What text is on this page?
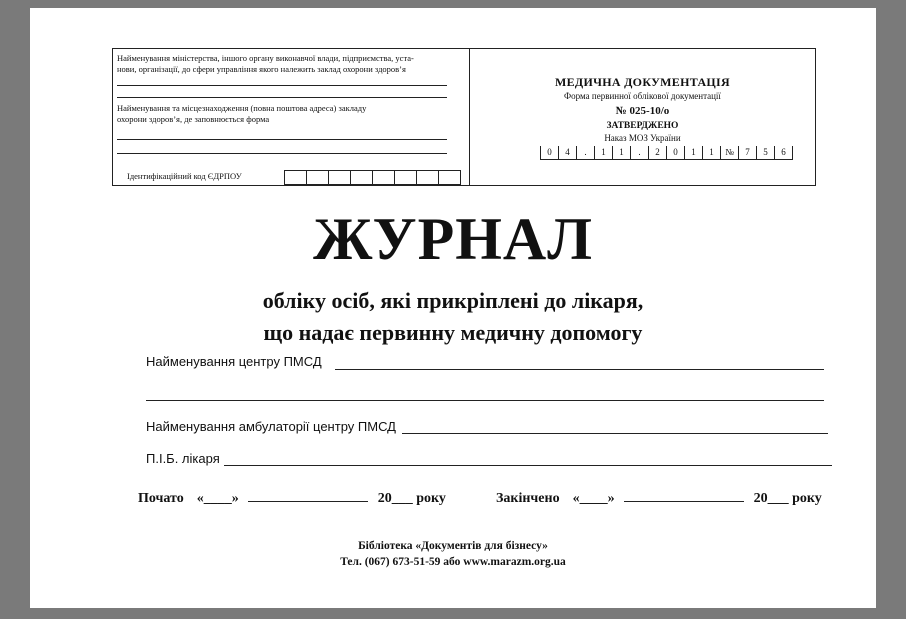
Найменування міністерства, іншого органу виконавчої влади, підприємства, уста-
нови, організації, до сфери управління якого належить заклад охорони здоров’я
Найменування та місцезнаходження (повна поштова адреса) закладу
охорони здоров’я, де заповнюється форма
Ідентифікаційний код ЄДРПОУ
МЕДИЧНА ДОКУМЕНТАЦІЯ
Форма первинної облікової документації
№ 025-10/о
ЗАТВЕРДЖЕНО
Наказ МОЗ України
0	4	.	1	1	.	2	0	1	1	№	7	5	6
ЖУРНАЛ
обліку осіб, які прикріплені до лікаря,
що надає первинну медичну допомогу
Найменування центру ПМСД
Найменування амбулаторії центру ПМСД
П.І.Б. лікаря
Почато «____»	20___ року	Закінчено «____»	20___ року
Бібліотека «Документів для бізнесу»
Тел. (067) 673-51-59 або www.marazm.org.ua
